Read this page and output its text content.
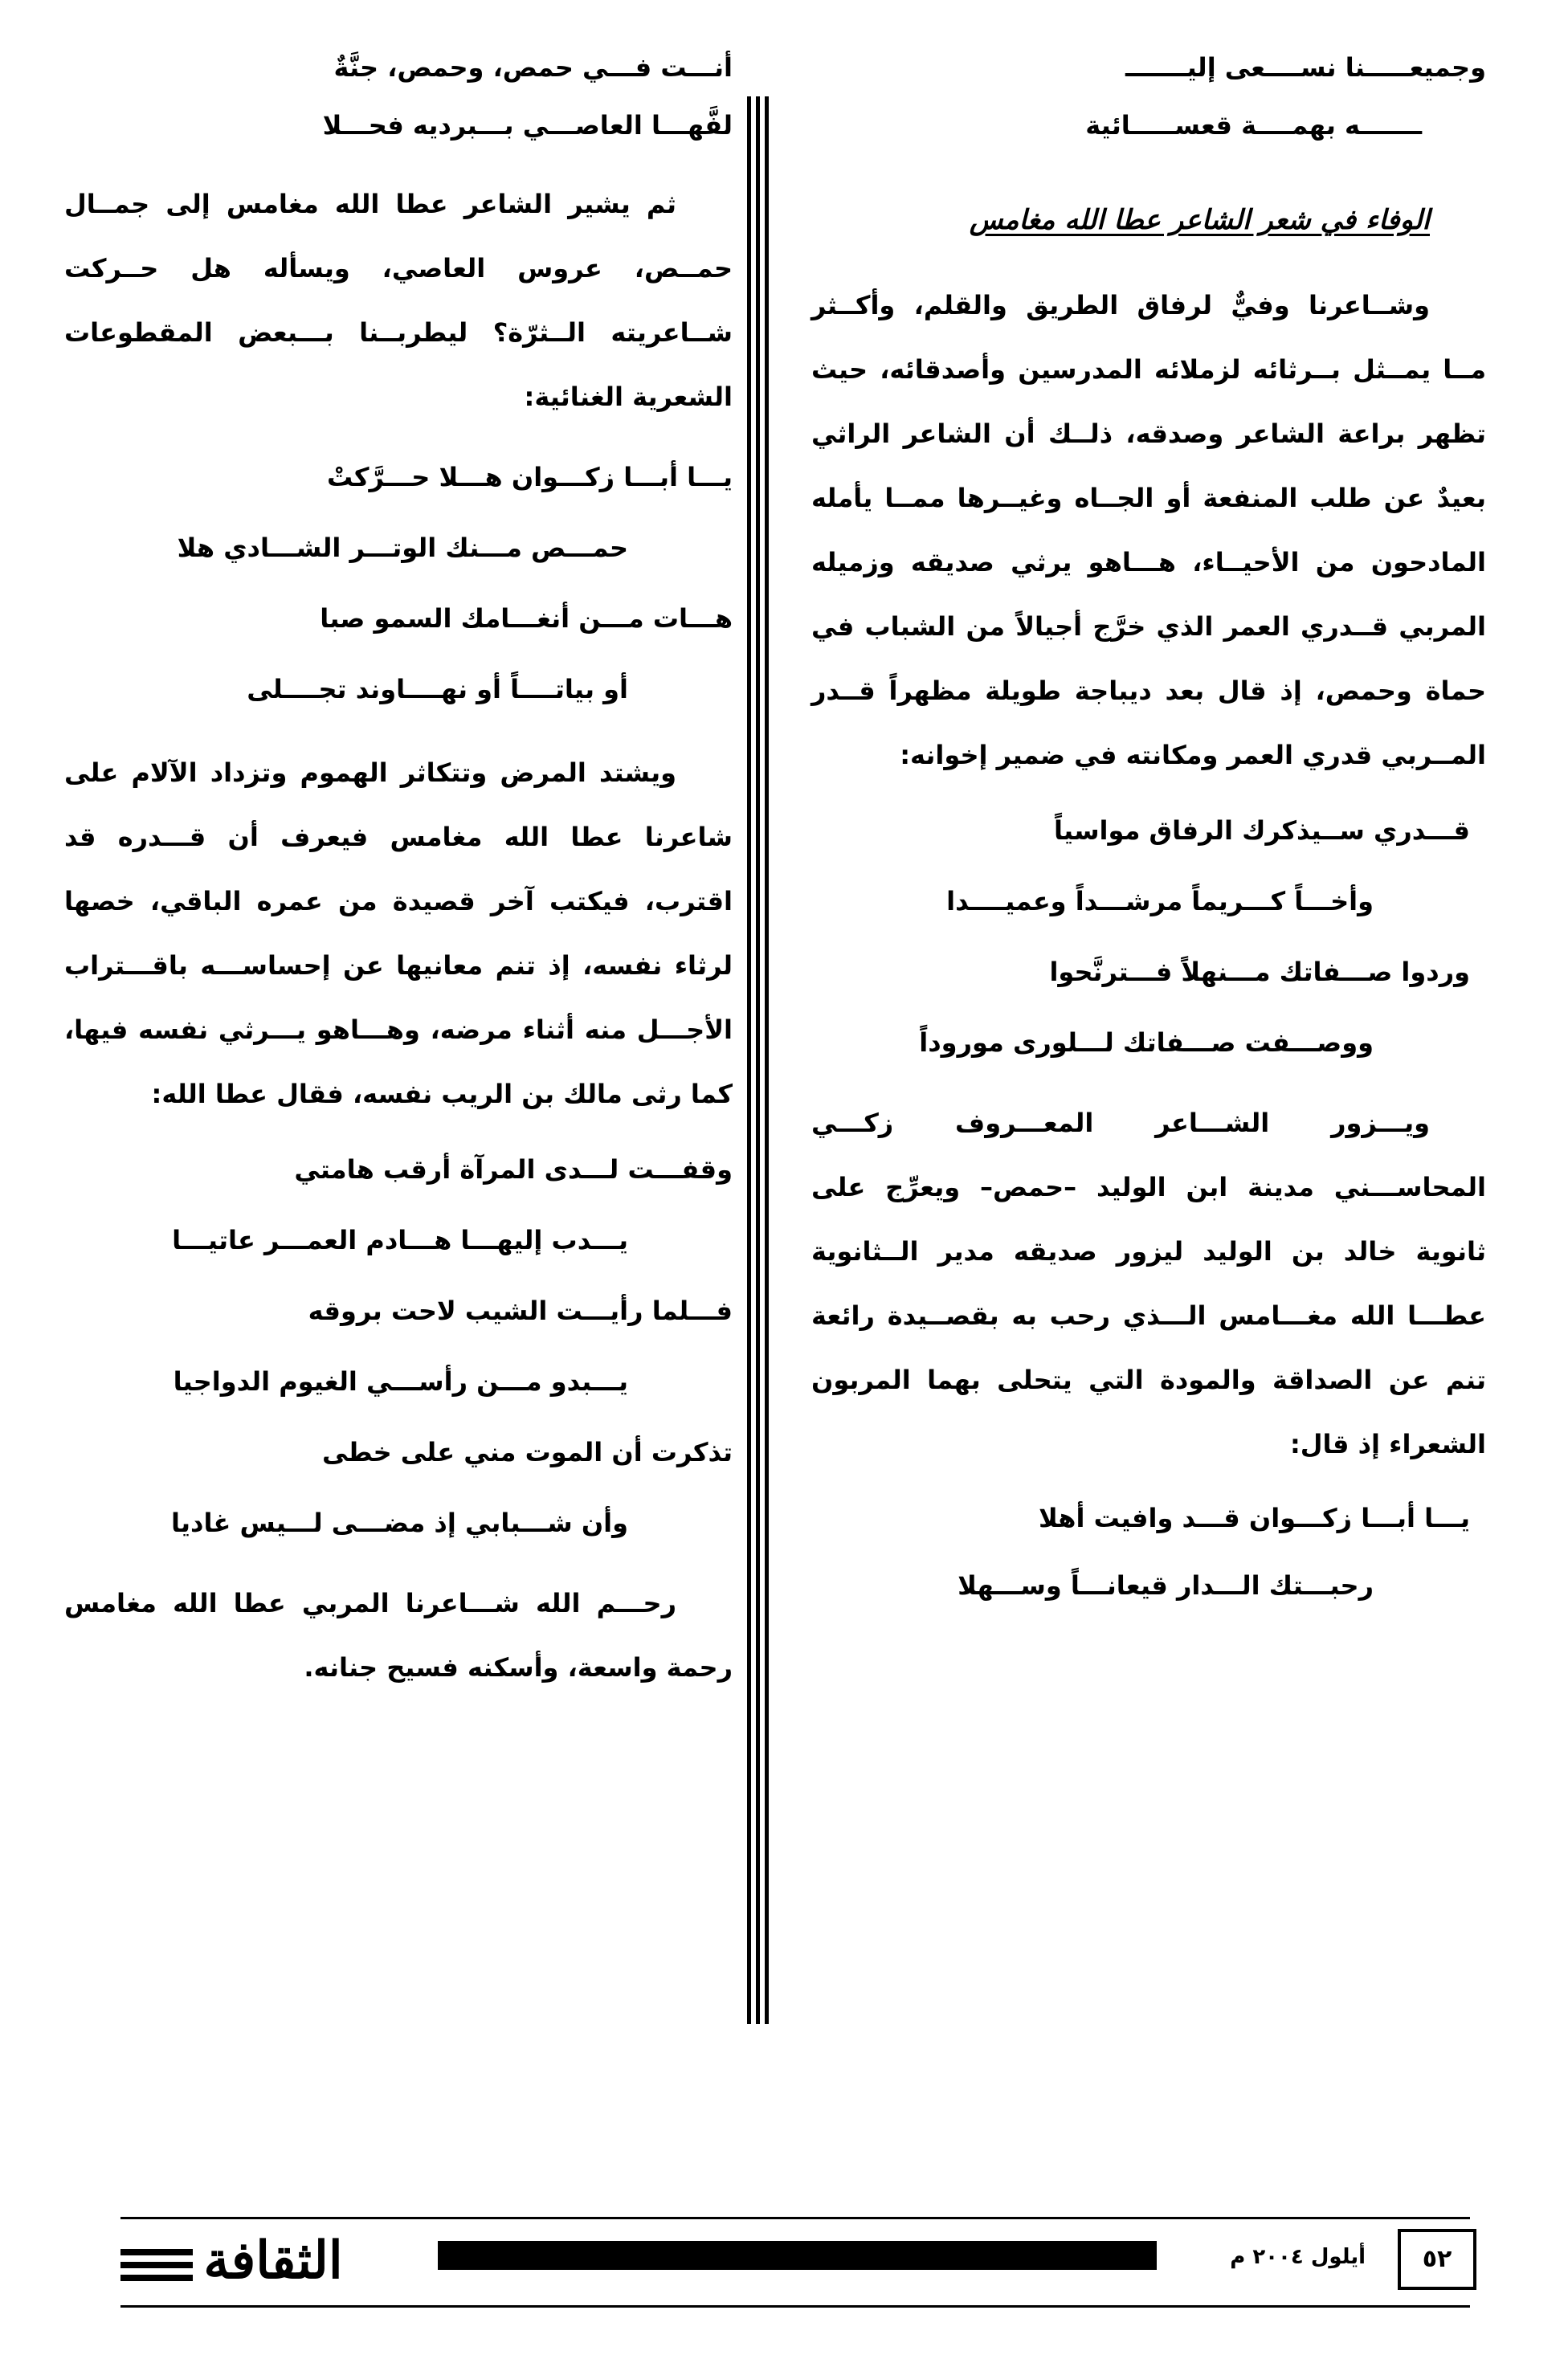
وجميعـــــنا نســــعى إليـــــــ
ـــــــه بهمــــة قعســـــائية
الوفاء في شعر الشاعر عطا الله مغامس
وشــاعرنا وفيٌّ لرفاق الطريق والقلم، وأكــثر مــا يمــثل بــرثائه لزملائه المدرسين وأصدقائه، حيث تظهر براعة الشاعر وصدقه، ذلــك أن الشاعر الراثي بعيدٌ عن طلب المنفعة أو الجــاه وغيــرها ممــا يأمله المادحون من الأحيــاء، هـــاهو يرثي صديقه وزميله المربي قــدري العمر الذي خرَّج أجيالاً من الشباب في حماة وحمص، إذ قال بعد ديباجة طويلة مظهراً قــدر المــربي قدري العمر ومكانته في ضمير إخوانه:
قـــدري ســيذكرك الرفاق مواسياً
وأخـــاً كـــريماً مرشـــداً وعميــــدا
وردوا صـــفاتك مـــنهلاً فـــترنَّحوا
ووصـــفت صـــفاتك لـــلورى موروداً
ويـــزور الشـــاعر المعـــروف زكـــي المحاســـني مدينة ابن الوليد –حمص– ويعرِّج على ثانوية خالد بن الوليد ليزور صديقه مدير الــثانوية عطـــا الله مغـــامس الـــذي رحب به بقصــيدة رائعة تنم عن الصداقة والمودة التي يتحلى بهما المربون الشعراء إذ قال:
يـــا أبـــا زكـــوان قـــد وافيت أهلا
رحبـــتك الـــدار قيعانـــاً وســـهلا
أنـــت فـــي حمص، وحمص، جنَّةٌ
لفَّهـــا العاصـــي بـــبرديه فحـــلا
ثم يشير الشاعر عطا الله مغامس إلى جمــال حمــص، عروس العاصي، ويسأله هل حــركت شــاعريته الــثرّة؟ ليطربــنا بـــبعض المقطوعات الشعرية الغنائية:
يـــا أبـــا زكـــوان هـــلا حـــرَّكتْ
حمـــص مـــنك الوتـــر الشـــادي هلا
هـــات مـــن أنغـــامك السمو صبا
أو بياتــــاً أو نهــــاوند تجــــلى
ويشتد المرض وتتكاثر الهموم وتزداد الآلام على شاعرنا عطا الله مغامس فيعرف أن قـــدره قد اقترب، فيكتب آخر قصيدة من عمره الباقي، خصها لرثاء نفسه، إذ تنم معانيها عن إحساســـه باقـــتراب الأجـــل منه أثناء مرضه، وهـــاهو يـــرثي نفسه فيها، كما رثى مالك بن الريب نفسه، فقال عطا الله:
وقفـــت لـــدى المرآة أرقب هامتي
يـــدب إليهـــا هـــادم العمـــر عاتيـــا
فـــلما رأيـــت الشيب لاحت بروقه
يـــبدو مـــن رأســـي الغيوم الدواجيا
تذكرت أن الموت مني على خطى
وأن شـــبابي إذ مضـــى لـــيس غاديا
رحـــم الله شـــاعرنا المربي عطا الله مغامس رحمة واسعة، وأسكنه فسيح جنانه.
الثقافة	أيلول ٢٠٠٤ م	٥٢
